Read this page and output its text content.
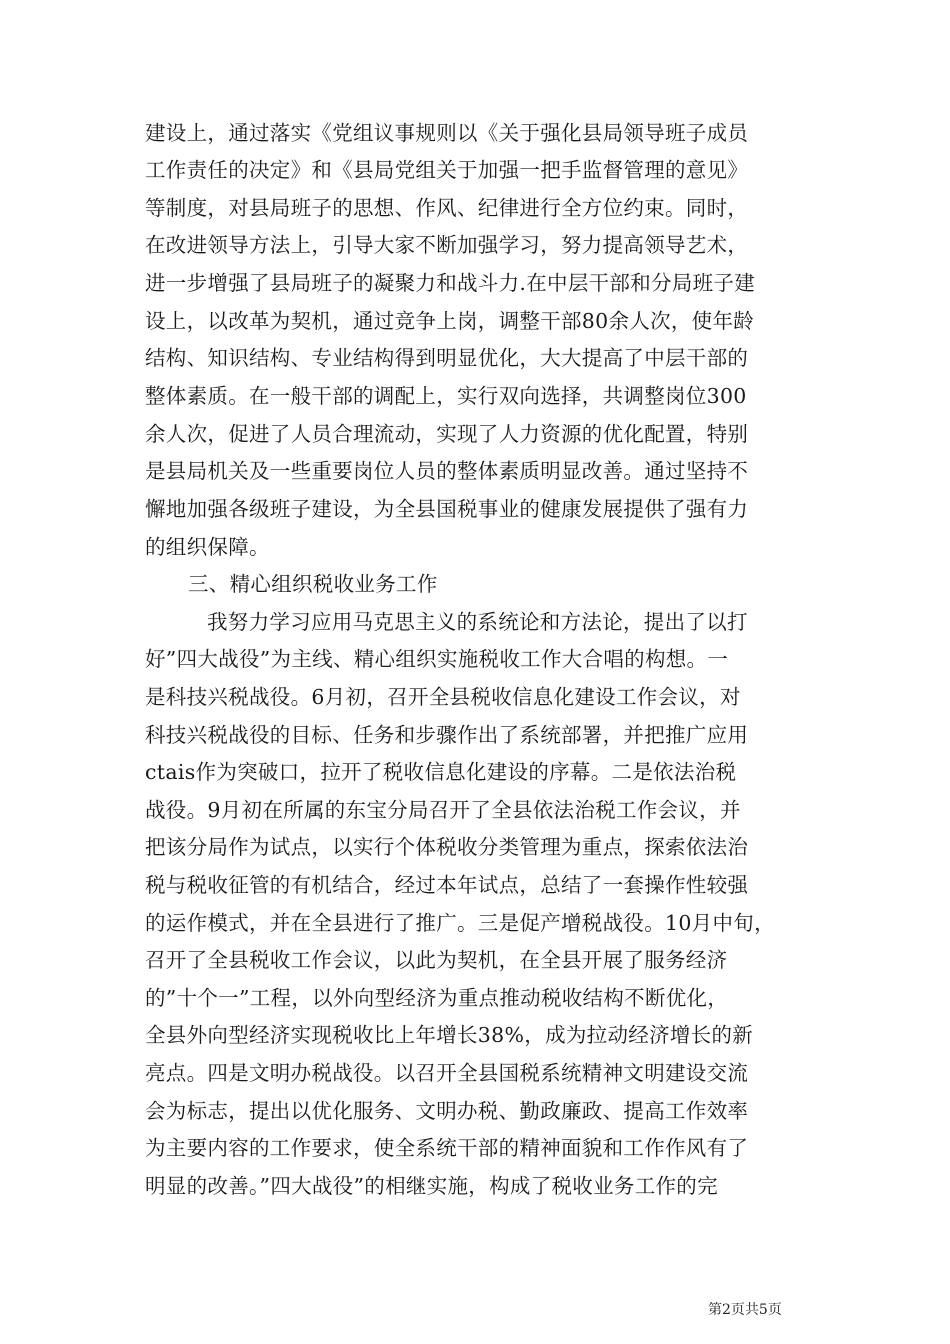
建设上，通过落实《党组议事规则以《关于强化县局领导班子成员
工作责任的决定》和《县局党组关于加强一把手监督管理的意见》
等制度，对县局班子的思想、作风、纪律进行全方位约束。同时，
在改进领导方法上，引导大家不断加强学习，努力提高领导艺术，
进一步增强了县局班子的凝聚力和战斗力.在中层干部和分局班子建
设上，以改革为契机，通过竞争上岗，调整干部80余人次，使年龄
结构、知识结构、专业结构得到明显优化，大大提高了中层干部的
整体素质。在一般干部的调配上，实行双向选择，共调整岗位300
余人次，促进了人员合理流动，实现了人力资源的优化配置，特别
是县局机关及一些重要岗位人员的整体素质明显改善。通过坚持不
懈地加强各级班子建设，为全县国税事业的健康发展提供了强有力
的组织保障。
三、精心组织税收业务工作
我努力学习应用马克思主义的系统论和方法论，提出了以打
好”四大战役”为主线、精心组织实施税收工作大合唱的构想。一
是科技兴税战役。6月初，召开全县税收信息化建设工作会议，对
科技兴税战役的目标、任务和步骤作出了系统部署，并把推广应用
ctais作为突破口，拉开了税收信息化建设的序幕。二是依法治税
战役。9月初在所属的东宝分局召开了全县依法治税工作会议，并
把该分局作为试点，以实行个体税收分类管理为重点，探索依法治
税与税收征管的有机结合，经过本年试点，总结了一套操作性较强
的运作模式，并在全县进行了推广。三是促产增税战役。10月中旬，
召开了全县税收工作会议，以此为契机，在全县开展了服务经济
的”十个一”工程，以外向型经济为重点推动税收结构不断优化，
全县外向型经济实现税收比上年增长38%，成为拉动经济增长的新
亮点。四是文明办税战役。以召开全县国税系统精神文明建设交流
会为标志，提出以优化服务、文明办税、勤政廉政、提高工作效率
为主要内容的工作要求，使全系统干部的精神面貌和工作作风有了
明显的改善。”四大战役”的相继实施，构成了税收业务工作的完
第2页共5页
